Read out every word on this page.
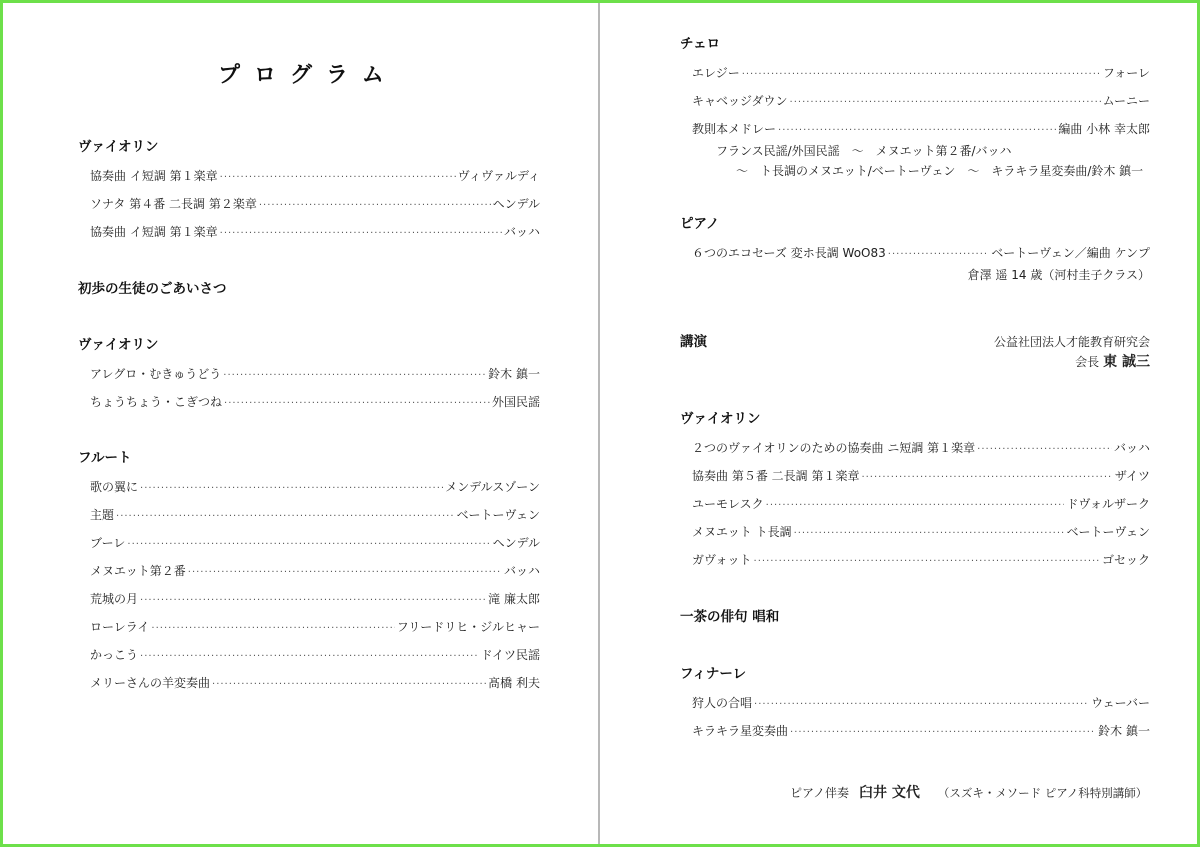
プログラム
ヴァイオリン
協奏曲 イ短調 第１楽章 ·····	ヴィヴァルディ
ソナタ 第４番 二長調 第２楽章 ·····	ヘンデル
協奏曲 イ短調 第１楽章 ·····	バッハ
初歩の生徒のごあいさつ
ヴァイオリン
アレグロ・むきゅうどう ·····	鈴木 鎮一
ちょうちょう・こぎつね ·····	外国民謡
フルート
歌の翼に ·····	メンデルスゾーン
主題 ·····	ベートーヴェン
ブーレ ·····	ヘンデル
メヌエット第２番 ·····	バッハ
荒城の月 ·····	滝 廉太郎
ローレライ ·····	フリードリヒ・ジルヒャー
かっこう ·····	ドイツ民謡
メリーさんの羊変奏曲 ·····	髙橋 利夫
チェロ
エレジー ·····	フォーレ
キャベッジダウン ·····	ムーニー
教則本メドレー ·····	編曲 小林 幸太郎
フランス民謡/外国民謡　～　メヌエット第２番/バッハ
～　ト長調のメヌエット/ベートーヴェン　～　キラキラ星変奏曲/鈴木 鎮一
ピアノ
６つのエコセーズ 変ホ長調 WoO83 ·····	ベートーヴェン／編曲 ケンプ
倉澤 遥 14 歳（河村圭子クラス）
講演	公益社団法人才能教育研究会
会長 東 誠三
ヴァイオリン
２つのヴァイオリンのための協奏曲 ニ短調 第１楽章 ·····	バッハ
協奏曲 第５番 二長調 第１楽章 ·····	ザイツ
ユーモレスク ·····	ドヴォルザーク
メヌエット ト長調 ·····	ベートーヴェン
ガヴォット ·····	ゴセック
一茶の俳句 唱和
フィナーレ
狩人の合唱 ·····	ウェーバー
キラキラ星変奏曲 ·····	鈴木 鎮一
ピアノ伴奏 臼井 文代 （スズキ・メソード ピアノ科特別講師）
